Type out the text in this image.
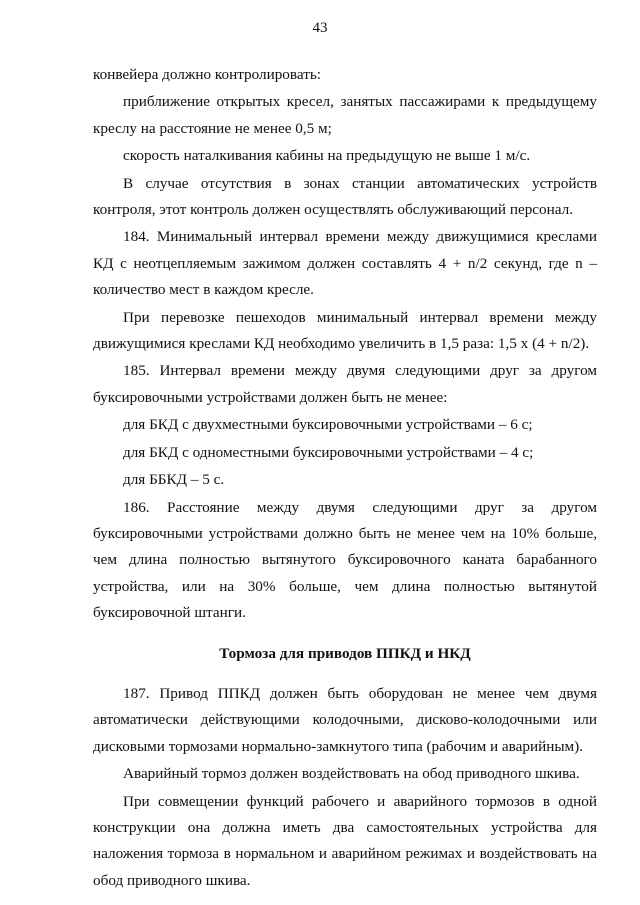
43

конвейера должно контролировать:

приближение открытых кресел, занятых пассажирами к предыдущему креслу на расстояние не менее 0,5 м;

скорость наталкивания кабины на предыдущую не выше 1 м/с.

В случае отсутствия в зонах станции автоматических устройств контроля, этот контроль должен осуществлять обслуживающий персонал.

184. Минимальный интервал времени между движущимися креслами КД с неотцепляемым зажимом должен составлять 4 + n/2 секунд, где n – количество мест в каждом кресле.

При перевозке пешеходов минимальный интервал времени между движущимися креслами КД необходимо увеличить в 1,5 раза: 1,5 х (4 + n/2).

185. Интервал времени между двумя следующими друг за другом буксировочными устройствами должен быть не менее:

для БКД с двухместными буксировочными устройствами – 6 с;

для БКД с одноместными буксировочными устройствами – 4 с;

для ББКД – 5 с.

186. Расстояние между двумя следующими друг за другом буксировочными устройствами должно быть не менее чем на 10% больше, чем длина полностью вытянутого буксировочного каната барабанного устройства, или на 30% больше, чем длина полностью вытянутой буксировочной штанги.

Тормоза для приводов ППКД и НКД

187. Привод ППКД должен быть оборудован не менее чем двумя автоматически действующими колодочными, дисково-колодочными или дисковыми тормозами нормально-замкнутого типа (рабочим и аварийным).

Аварийный тормоз должен воздействовать на обод приводного шкива.

При совмещении функций рабочего и аварийного тормозов в одной конструкции она должна иметь два самостоятельных устройства для наложения тормоза в нормальном и аварийном режимах и воздействовать на обод приводного шкива.
